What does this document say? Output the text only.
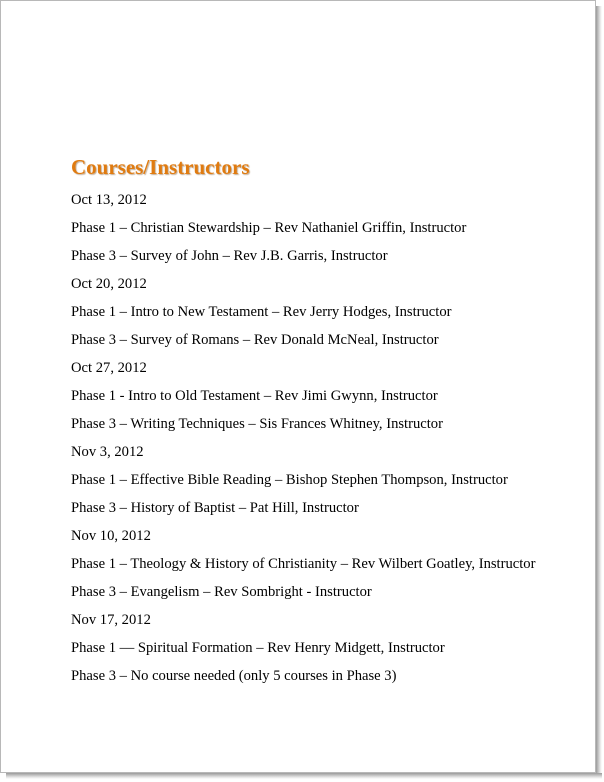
Courses/Instructors
Oct 13, 2012
Phase 1 – Christian Stewardship – Rev Nathaniel Griffin, Instructor
Phase 3 – Survey of John – Rev J.B. Garris, Instructor
Oct 20, 2012
Phase 1 – Intro to New Testament – Rev Jerry Hodges, Instructor
Phase 3 – Survey of Romans – Rev Donald McNeal, Instructor
Oct 27, 2012
Phase 1 - Intro to Old Testament – Rev Jimi Gwynn, Instructor
Phase 3 – Writing Techniques – Sis Frances Whitney, Instructor
Nov 3, 2012
Phase 1 – Effective Bible Reading – Bishop Stephen Thompson, Instructor
Phase 3 – History of Baptist – Pat Hill, Instructor
Nov 10, 2012
Phase 1 – Theology & History of Christianity – Rev Wilbert Goatley, Instructor
Phase 3 – Evangelism – Rev Sombright - Instructor
Nov 17, 2012
Phase 1 –– Spiritual Formation – Rev Henry Midgett, Instructor
Phase 3 – No course needed (only 5 courses in Phase 3)
